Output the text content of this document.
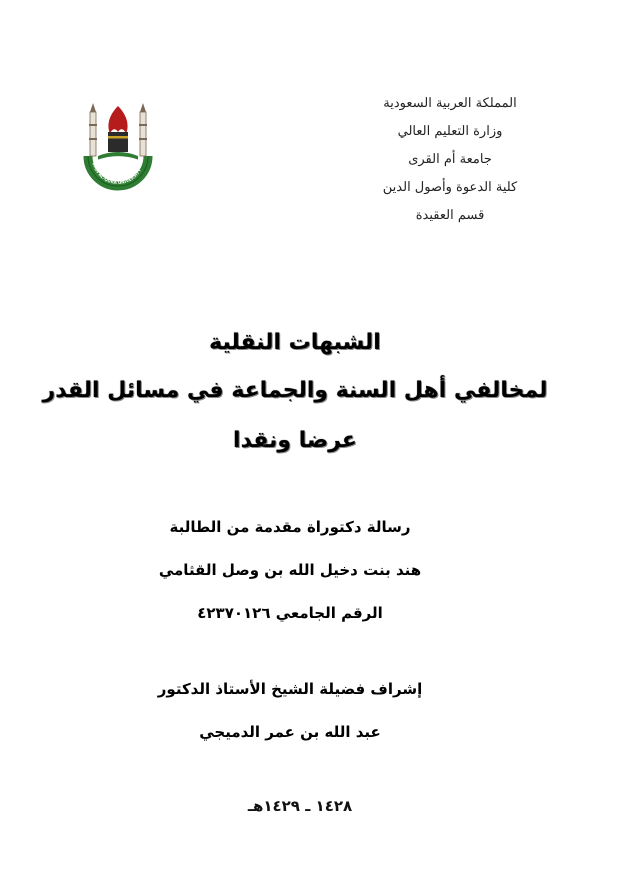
المملكة العربية السعودية
وزارة التعليم العالي
جامعة أم القرى
كلية الدعوة وأصول الدين
قسم العقيدة
UMM AL-QURA UNIVERSITY
الشبهات النقلية
لمخالفي أهل السنة والجماعة في مسائل القدر
عرضا ونقدا
رسالة دكتوراة مقدمة من الطالبة
هند بنت دخيل الله بن وصل القثامي
الرقم الجامعي ٤٢٣٧٠١٢٦
إشراف فضيلة الشيخ الأستاذ الدكتور
عبد الله بن عمر الدميجي
١٤٢٨ ـ ١٤٢٩هـ
